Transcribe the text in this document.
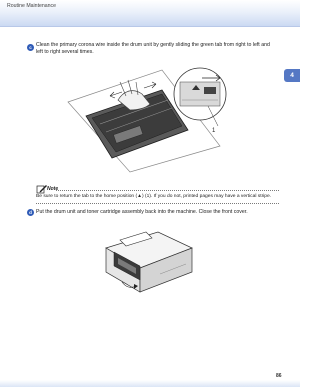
Routine Maintenance
4
c Clean the primary corona wire inside the drum unit by gently sliding the green tab from right to left and left to right several times.
1
Note
Be sure to return the tab to the home position (▲) (1). If you do not, printed pages may have a vertical stripe.
d Put the drum unit and toner cartridge assembly back into the machine. Close the front cover.
86
